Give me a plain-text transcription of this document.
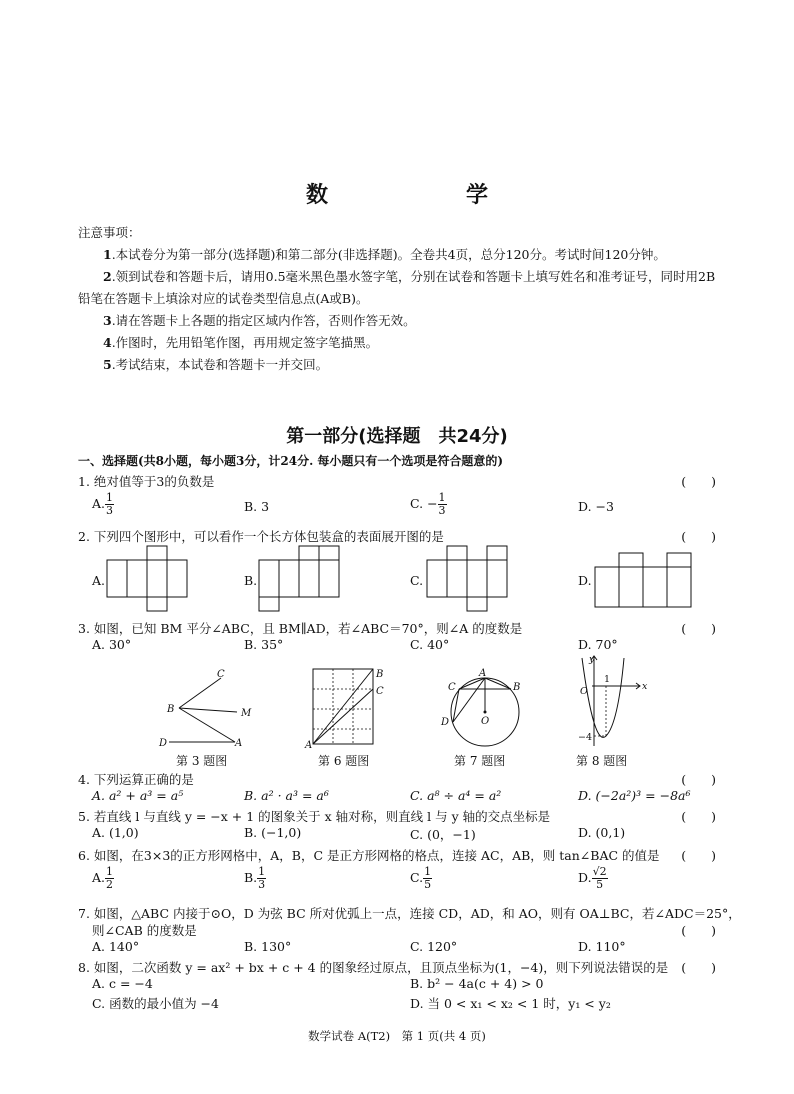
数　学

注意事项：

1.本试卷分为第一部分(选择题)和第二部分(非选择题)。全卷共4页，总分120分。考试时间120分钟。

2.领到试卷和答题卡后，请用0.5毫米黑色墨水签字笔，分别在试卷和答题卡上填写姓名和准考证号，同时用2B铅笔在答题卡上填涂对应的试卷类型信息点(A或B)。

3.请在答题卡上各题的指定区域内作答，否则作答无效。

4.作图时，先用铅笔作图，再用规定签字笔描黑。

5.考试结束，本试卷和答题卡一并交回。

第一部分(选择题　共24分)
一、选择题(共8小题，每小题3分，计24分. 每小题只有一个选项是符合题意的)
1. 绝对值等于3的负数是	(　　)
A. $\frac{1}{3}$	B. 3	C. − $\frac{1}{3}$	D. −3
2. 下列四个图形中，可以看作一个长方体包装盒的表面展开图的是	(　　)
A.	B.	C.	D.
3. 如图，已知 BM 平分∠ABC，且 BM∥AD，若∠ABC＝70°，则∠A 的度数是	(　　)
A. 30°	B. 35°	C. 40°	D. 70°
C
B	M
D	A
第 3 题图
B
C
A
第 6 题图
A
B
C
D	O
第 7 题图
y
x
O
1
−4
第 8 题图
4. 下列运算正确的是	(　　)
A. a² + a³ = a⁵	B. a² · a³ = a⁶	C. a⁸ ÷ a⁴ = a²	D. (−2a²)³ = −8a⁶
5. 若直线 l 与直线 y = −x + 1 的图象关于 x 轴对称，则直线 l 与 y 轴的交点坐标是	(　　)
A. (1,0)	B. (−1,0)	C. (0，−1)	D. (0,1)
6. 如图，在3×3的正方形网格中，A，B，C 是正方形网格的格点，连接 AC，AB，则 tan∠BAC 的值是 (　　)
A. $\frac{1}{2}$	B. $\frac{1}{3}$	C. $\frac{1}{5}$	D. $\frac{√2}{5}$
7. 如图，△ABC 内接于⊙O，D 为弦 BC 所对优弧上一点，连接 CD，AD，和 AO，则有 OA⊥BC，若∠ADC＝25°，
则∠CAB 的度数是	(　　)
A. 140°	B. 130°	C. 120°	D. 110°
8. 如图，二次函数 y = ax² + bx + c + 4 的图象经过原点，且顶点坐标为(1，−4)，则下列说法错误的是 (　　)
A. c = −4	B. b² − 4a(c + 4) > 0
C. 函数的最小值为 −4	D. 当 0 < x₁ < x₂ < 1 时，y₁ < y₂
数学试卷 A(T2)　第 1 页(共 4 页)
